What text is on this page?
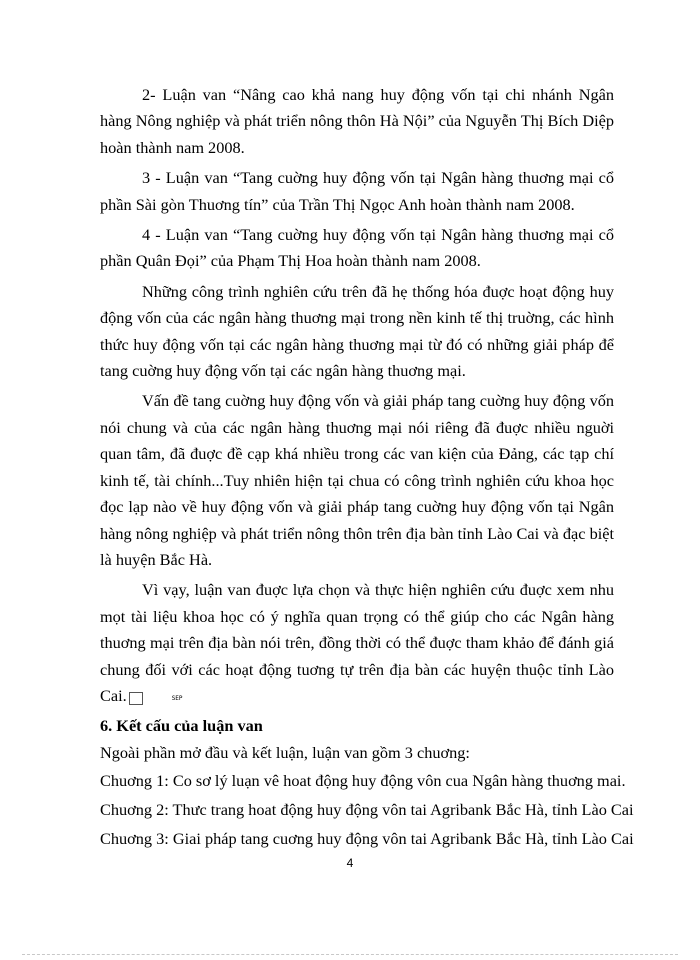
2- Luận van “Nâng cao khả nang huy động vốn tại chi nhánh Ngân hàng Nông nghiệp và phát triển nông thôn Hà Nội” của Nguyễn Thị Bích Diệp hoàn thành nam 2008.

3 - Luận van “Tang cuờng huy động vốn tại Ngân hàng thuơng mại cổ phần Sài gòn Thuơng tín” của Trần Thị Ngọc Anh hoàn thành nam 2008.

4 - Luận van “Tang cuờng huy động vốn tại Ngân hàng thuơng mại cổ phần Quân Đọi” của Phạm Thị Hoa hoàn thành nam 2008.

Những công trình nghiên cứu trên đã hẹ thống hóa đuợc hoạt động huy động vốn của các ngân hàng thuơng mại trong nền kinh tế thị truờng, các hình thức huy động vốn tại các ngân hàng thuơng mại từ đó có những giải pháp để tang cuờng huy động vốn tại các ngân hàng thuơng mại.

Vấn đề tang cuờng huy động vốn và giải pháp tang cuờng huy động vốn nói chung và của các ngân hàng thuơng mại nói riêng đã đuợc nhiều nguời quan tâm, đã đuợc đề cạp khá nhiều trong các van kiện của Đảng, các tạp chí kinh tế, tài chính...Tuy nhiên hiện tại chua có công trình nghiên cứu khoa học đọc lạp nào về huy động vốn và giải pháp tang cuờng huy động vốn tại Ngân hàng nông nghiệp và phát triển nông thôn trên địa bàn tỉnh Lào Cai và đạc biệt là huyện Bắc Hà.

Vì vạy, luận van đuợc lựa chọn và thực hiện nghiên cứu đuợc xem nhu mọt tài liệu khoa học có ý nghĩa quan trọng có thể giúp cho các Ngân hàng thuơng mại trên địa bàn nói trên, đồng thời có thể đuợc tham khảo để đánh giá chung đối với các hoạt động tuơng tự trên địa bàn các huyện thuộc tỉnh Lào Cai.	SEP

6. Kết cấu của luận van

Ngoài phần mở đầu và kết luận, luận van gồm 3 chuơng:

Chuơng 1: Co sơ lý luạn vê hoat động huy động vôn cua Ngân hàng thuơng mai.

Chuơng 2: Thưc trang hoat động huy động vôn tai Agribank Bắc Hà, tỉnh Lào Cai

Chuơng 3: Giai pháp tang cuơng huy động vôn tai Agribank Bắc Hà, tỉnh Lào Cai

4
